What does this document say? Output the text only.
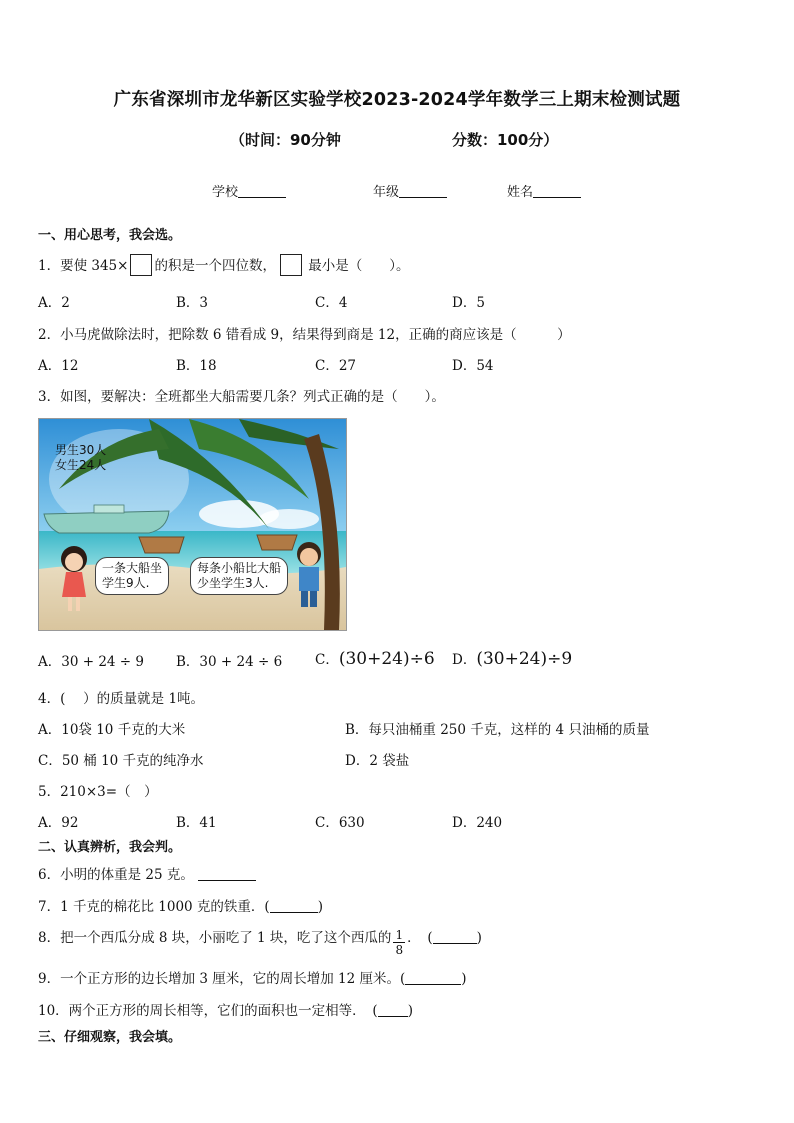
广东省深圳市龙华新区实验学校2023-2024学年数学三上期末检测试题
（时间：90分钟	分数：100分）
学校	年级	姓名
一、用心思考，我会选。
1．要使 345× 的积是一个四位数， 最小是（　　）。
A．2	B．3	C．4	D．5
2．小马虎做除法时，把除数 6 错看成 9，结果得到商是 12，正确的商应该是（　　　）
A．12	B．18	C．27	D．54
3．如图，要解决：全班都坐大船需要几条？列式正确的是（　　）。
男生30人
女生24人
一条大船坐
学生9人.
每条小船比大船
少坐学生3人.
A．30 + 24 ÷ 9 B．30 + 24 ÷ 6 C．(30+24)÷6 D．(30+24)÷9
4．(　 ）的质量就是 1吨。
A．10袋 10 千克的大米	B．每只油桶重 250 千克，这样的 4 只油桶的质量
C．50 桶 10 千克的纯净水	D．2 袋盐
5．210×3=（　）
A．92	B．41	C．630	D．240
二、认真辨析，我会判。
6．小明的体重是 25 克。
7．1 千克的棉花比 1000 克的铁重．(	)
8．把一个西瓜分成 8 块，小丽吃了 1 块，吃了这个西瓜的 $\frac{1}{8}$ ．　(	)
9．一个正方形的边长增加 3 厘米，它的周长增加 12 厘米。(	)
10．两个正方形的周长相等，它们的面积也一定相等．　( )
三、仔细观察，我会填。
